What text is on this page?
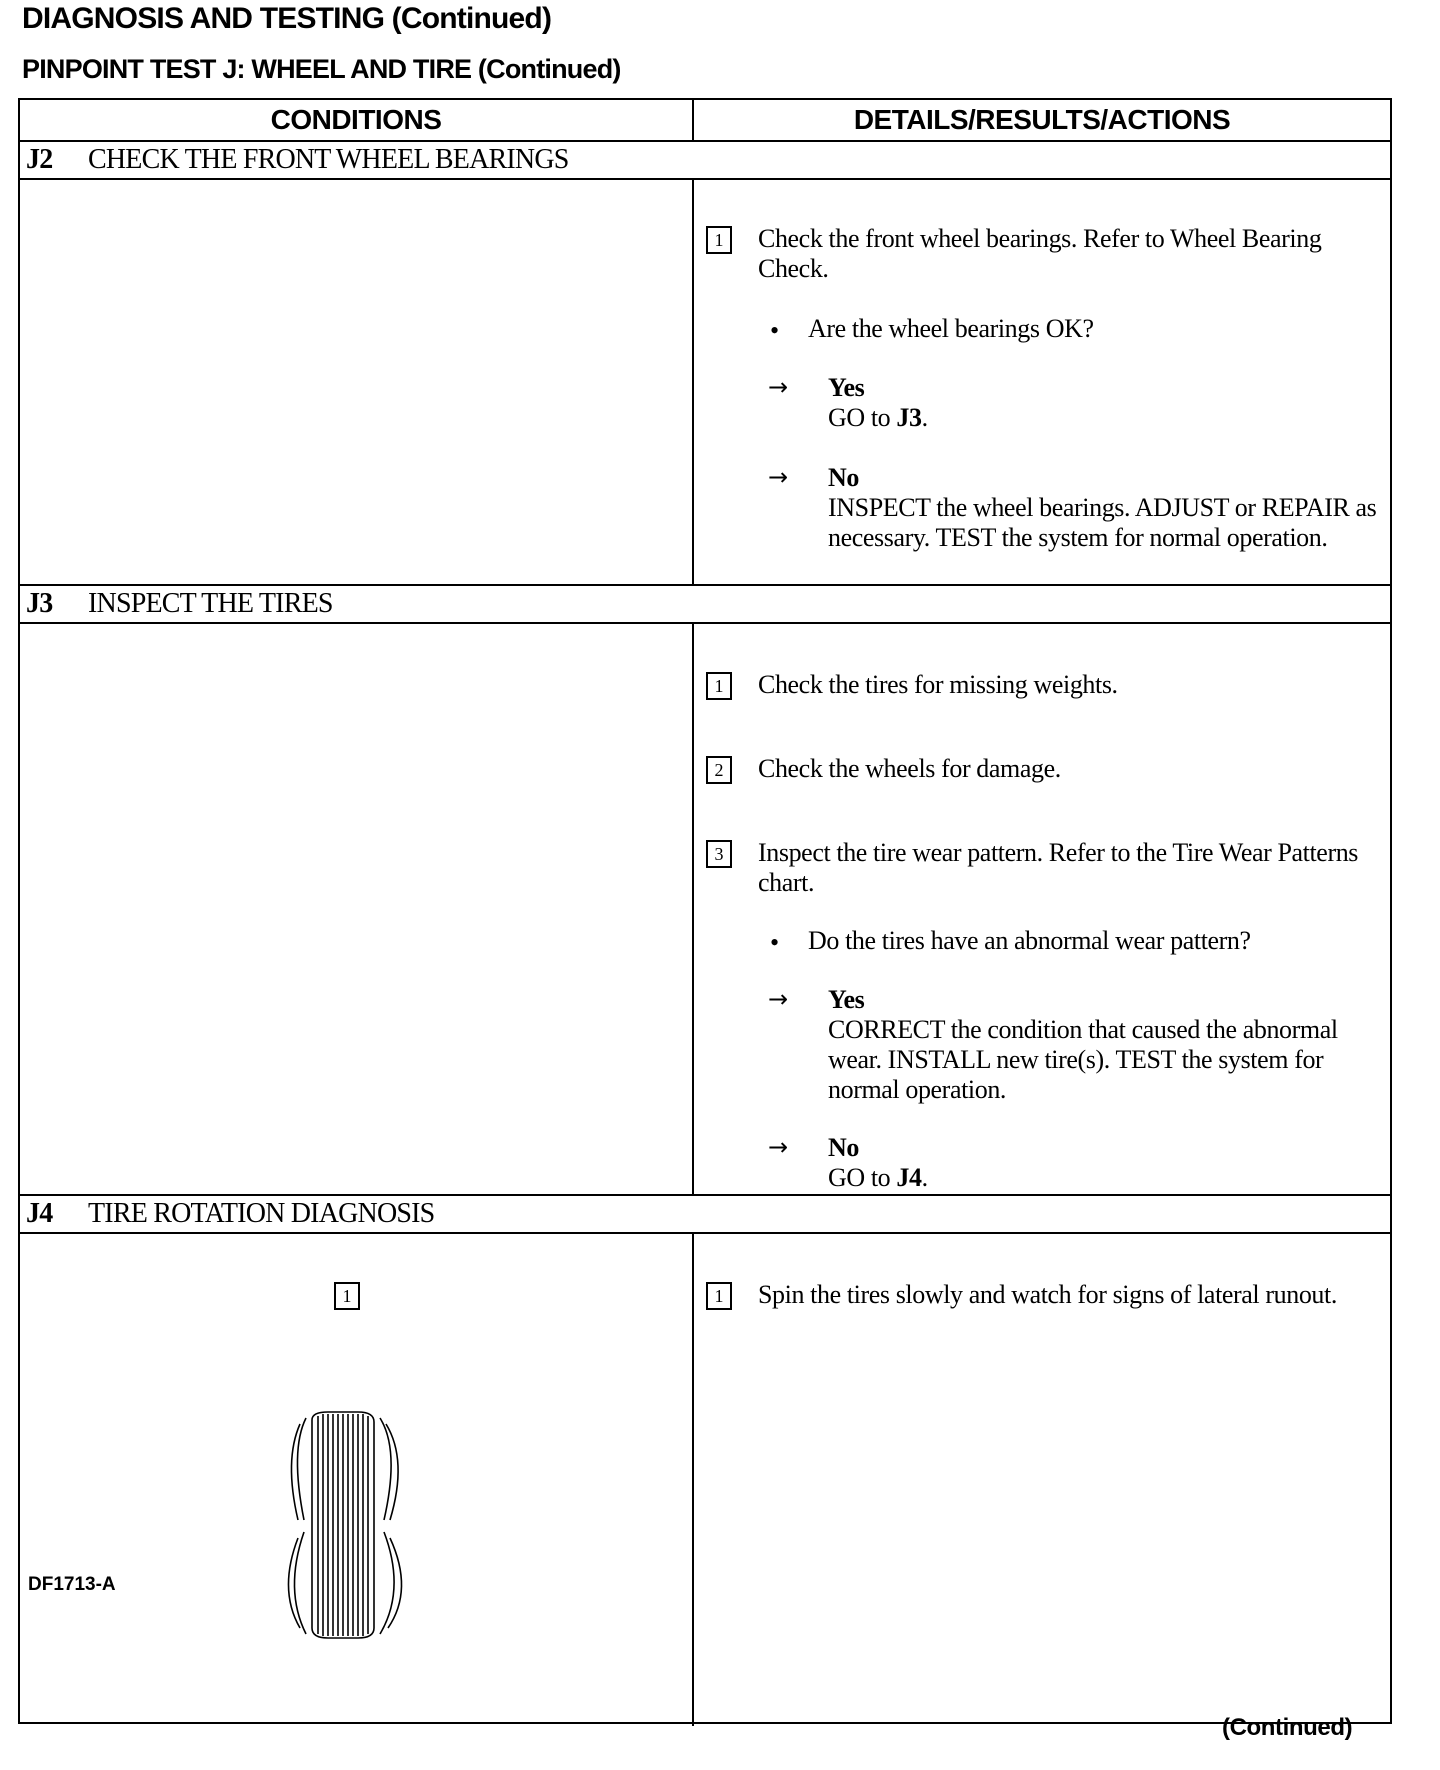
DIAGNOSIS AND TESTING (Continued)
PINPOINT TEST J: WHEEL AND TIRE (Continued)
CONDITIONS	DETAILS/RESULTS/ACTIONS
J2 CHECK THE FRONT WHEEL BEARINGS
1	Check the front wheel bearings. Refer to Wheel Bearing Check.
• Are the wheel bearings OK?
→ Yes
GO to J3.
→ No
INSPECT the wheel bearings. ADJUST or REPAIR as necessary. TEST the system for normal operation.
J3 INSPECT THE TIRES
1	Check the tires for missing weights.
2	Check the wheels for damage.
3	Inspect the tire wear pattern. Refer to the Tire Wear Patterns chart.
• Do the tires have an abnormal wear pattern?
→ Yes
CORRECT the condition that caused the abnormal wear. INSTALL new tire(s). TEST the system for normal operation.
→ No
GO to J4.
J4 TIRE ROTATION DIAGNOSIS
1	1	Spin the tires slowly and watch for signs of lateral runout.
DF1713-A
(Continued)
